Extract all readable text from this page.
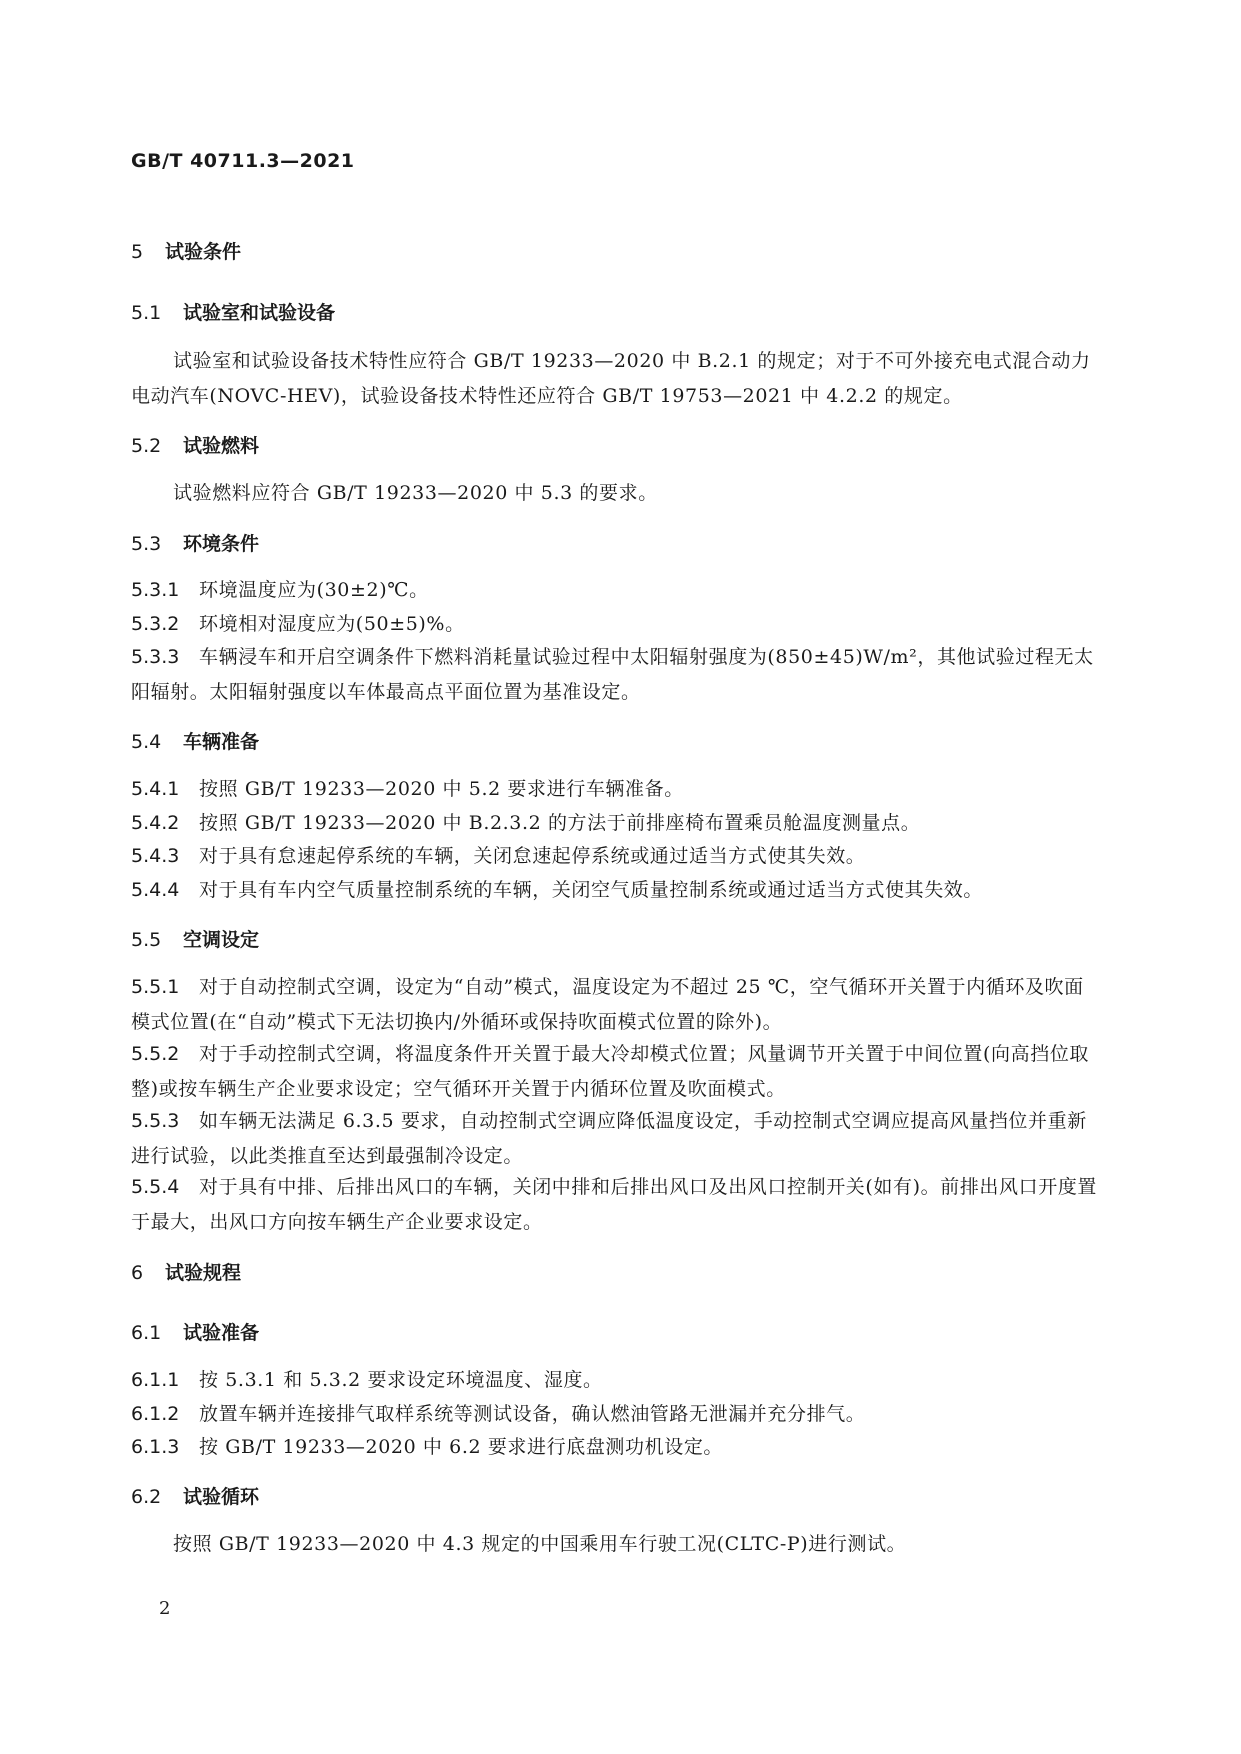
GB/T 40711.3—2021
5 试验条件
5.1 试验室和试验设备
试验室和试验设备技术特性应符合 GB/T 19233—2020 中 B.2.1 的规定；对于不可外接充电式混合动力电动汽车(NOVC-HEV)，试验设备技术特性还应符合 GB/T 19753—2021 中 4.2.2 的规定。
5.2 试验燃料
试验燃料应符合 GB/T 19233—2020 中 5.3 的要求。
5.3 环境条件
5.3.1 环境温度应为(30±2)℃。
5.3.2 环境相对湿度应为(50±5)%。
5.3.3 车辆浸车和开启空调条件下燃料消耗量试验过程中太阳辐射强度为(850±45)W/m²，其他试验过程无太阳辐射。太阳辐射强度以车体最高点平面位置为基准设定。
5.4 车辆准备
5.4.1 按照 GB/T 19233—2020 中 5.2 要求进行车辆准备。
5.4.2 按照 GB/T 19233—2020 中 B.2.3.2 的方法于前排座椅布置乘员舱温度测量点。
5.4.3 对于具有怠速起停系统的车辆，关闭怠速起停系统或通过适当方式使其失效。
5.4.4 对于具有车内空气质量控制系统的车辆，关闭空气质量控制系统或通过适当方式使其失效。
5.5 空调设定
5.5.1 对于自动控制式空调，设定为“自动”模式，温度设定为不超过 25 ℃，空气循环开关置于内循环及吹面模式位置(在“自动”模式下无法切换内/外循环或保持吹面模式位置的除外)。
5.5.2 对于手动控制式空调，将温度条件开关置于最大冷却模式位置；风量调节开关置于中间位置(向高挡位取整)或按车辆生产企业要求设定；空气循环开关置于内循环位置及吹面模式。
5.5.3 如车辆无法满足 6.3.5 要求，自动控制式空调应降低温度设定，手动控制式空调应提高风量挡位并重新进行试验，以此类推直至达到最强制冷设定。
5.5.4 对于具有中排、后排出风口的车辆，关闭中排和后排出风口及出风口控制开关(如有)。前排出风口开度置于最大，出风口方向按车辆生产企业要求设定。
6 试验规程
6.1 试验准备
6.1.1 按 5.3.1 和 5.3.2 要求设定环境温度、湿度。
6.1.2 放置车辆并连接排气取样系统等测试设备，确认燃油管路无泄漏并充分排气。
6.1.3 按 GB/T 19233—2020 中 6.2 要求进行底盘测功机设定。
6.2 试验循环
按照 GB/T 19233—2020 中 4.3 规定的中国乘用车行驶工况(CLTC-P)进行测试。
2
